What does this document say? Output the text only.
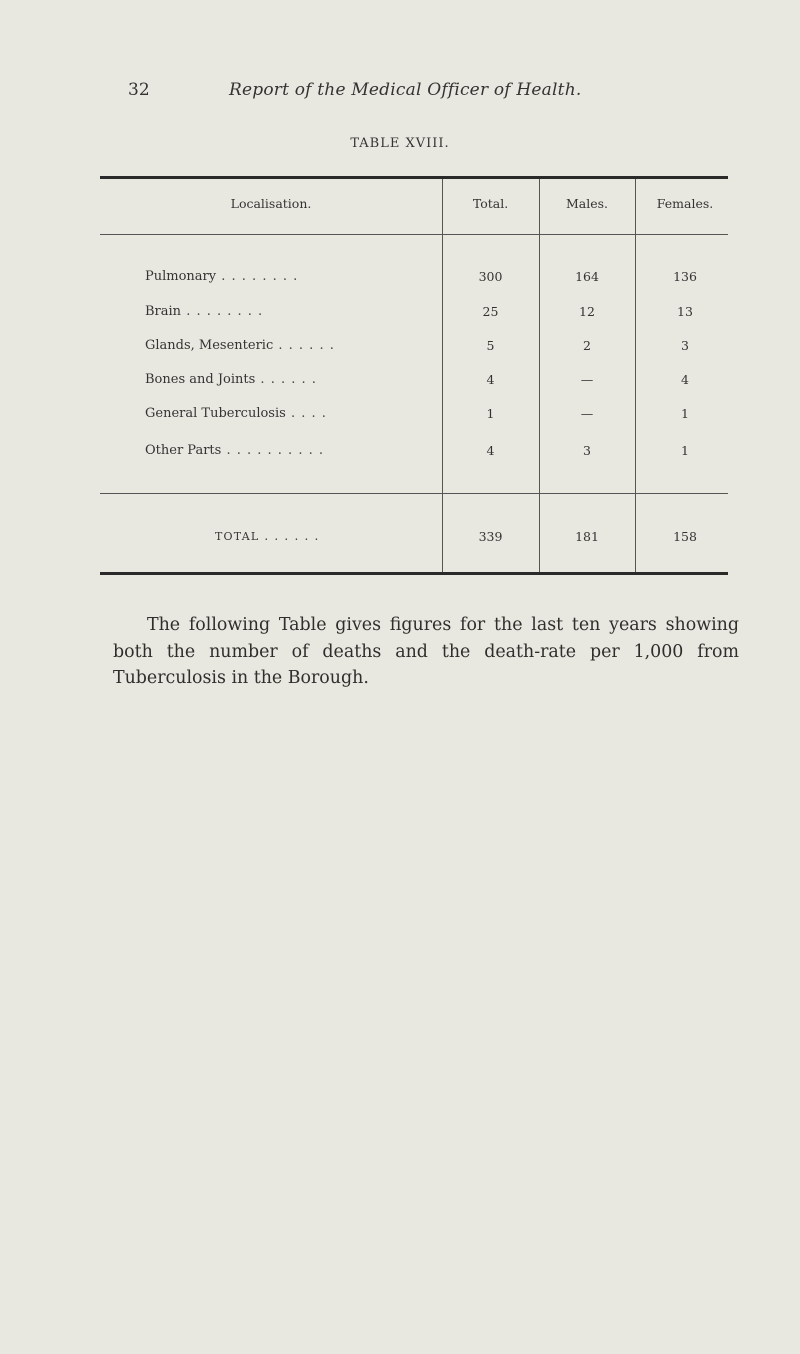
32	Report of the Medical Officer of Health.
TABLE XVIII.
Localisation.	Total.	Males.	Females.
Pulmonary . . . . . . . .	300	164	136
Brain . . . . . . . .	25	12	13
Glands, Mesenteric . . . . . .	5	2	3
Bones and Joints . . . . . .	4	—	4
General Tuberculosis . . . .	1	—	1
Other Parts . . . . . . . . . .	4	3	1
TOTAL . . . . . .	339	181	158

The following Table gives figures for the last ten years showing both the number of deaths and the death-rate per 1,000 from Tuberculosis in the Borough.
